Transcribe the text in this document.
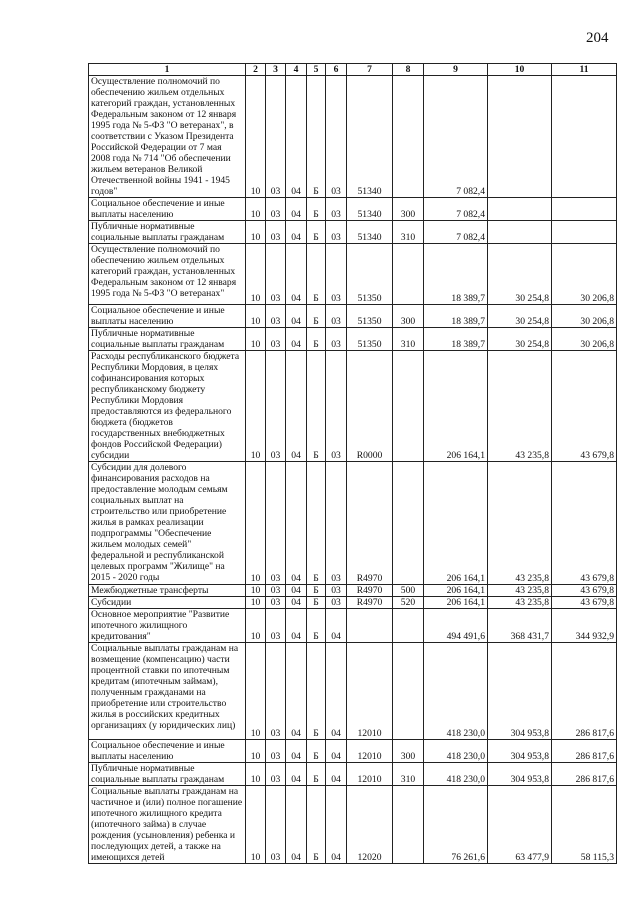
204
1	2	3	4	5	6	7	8	9	10	11

Осуществление полномочий по обеспечению жильем отдельных категорий граждан, установленных Федеральным законом от 12 января 1995 года № 5-ФЗ "О ветеранах", в соответствии с Указом Президента Российской Федерации от 7 мая 2008 года № 714 "Об обеспечении жильем ветеранов Великой Отечественной войны 1941 - 1945 годов"	10	03	04	Б	03	51340		7 082,4		

Социальное обеспечение и иные выплаты населению	10	03	04	Б	03	51340	300	7 082,4		

Публичные нормативные социальные выплаты гражданам	10	03	04	Б	03	51340	310	7 082,4		

Осуществление полномочий по обеспечению жильем отдельных категорий граждан, установленных Федеральным законом от 12 января 1995 года № 5-ФЗ "О ветеранах"	10	03	04	Б	03	51350		18 389,7	30 254,8	30 206,8

Социальное обеспечение и иные выплаты населению	10	03	04	Б	03	51350	300	18 389,7	30 254,8	30 206,8

Публичные нормативные социальные выплаты гражданам	10	03	04	Б	03	51350	310	18 389,7	30 254,8	30 206,8

Расходы республиканского бюджета Республики Мордовия, в целях софинансирования которых республиканскому бюджету Республики Мордовия предоставляются из федерального бюджета (бюджетов государственных внебюджетных фондов Российской Федерации) субсидии	10	03	04	Б	03	R0000		206 164,1	43 235,8	43 679,8

Субсидии для долевого финансирования расходов на предоставление молодым семьям социальных выплат на строительство или приобретение жилья в рамках реализации подпрограммы "Обеспечение жильем молодых семей" федеральной и республиканской целевых программ "Жилище" на 2015 - 2020 годы	10	03	04	Б	03	R4970		206 164,1	43 235,8	43 679,8

Межбюджетные трансферты	10	03	04	Б	03	R4970	500	206 164,1	43 235,8	43 679,8

Субсидии	10	03	04	Б	03	R4970	520	206 164,1	43 235,8	43 679,8

Основное мероприятие "Развитие ипотечного жилищного кредитования"	10	03	04	Б	04			494 491,6	368 431,7	344 932,9

Социальные выплаты гражданам на возмещение (компенсацию) части процентной ставки по ипотечным кредитам (ипотечным займам), полученным гражданами на приобретение или строительство жилья в российских кредитных организациях (у юридических лиц)	10	03	04	Б	04	12010		418 230,0	304 953,8	286 817,6

Социальное обеспечение и иные выплаты населению	10	03	04	Б	04	12010	300	418 230,0	304 953,8	286 817,6

Публичные нормативные социальные выплаты гражданам	10	03	04	Б	04	12010	310	418 230,0	304 953,8	286 817,6

Социальные выплаты гражданам на частичное и (или) полное погашение ипотечного жилищного кредита (ипотечного займа) в случае рождения (усыновления) ребенка и последующих детей, а также на имеющихся детей	10	03	04	Б	04	12020		76 261,6	63 477,9	58 115,3
